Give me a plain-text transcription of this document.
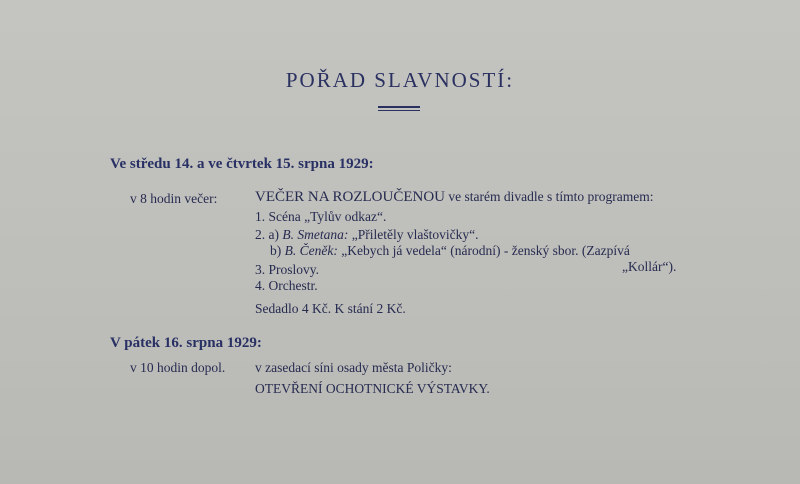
POŘAD SLAVNOSTÍ:
Ve středu 14. a ve čtvrtek 15. srpna 1929:
v 8 hodin večer:	VEČER NA ROZLOUČENOU ve starém divadle s tímto programem:
1. Scéna „Tylův odkaz“.
2. a) B. Smetana: „Přiletěly vlaštovičky“.
b) B. Čeněk: „Kebych já vedela“ (národní) - ženský sbor. (Zazpívá
„Kollár“).
3. Proslovy.
4. Orchestr.
Sedadlo 4 Kč. K stání 2 Kč.
V pátek 16. srpna 1929:
v 10 hodin dopol. v zasedací síni osady města Poličky:
OTEVŘENÍ OCHOTNICKÉ VÝSTAVKY.
